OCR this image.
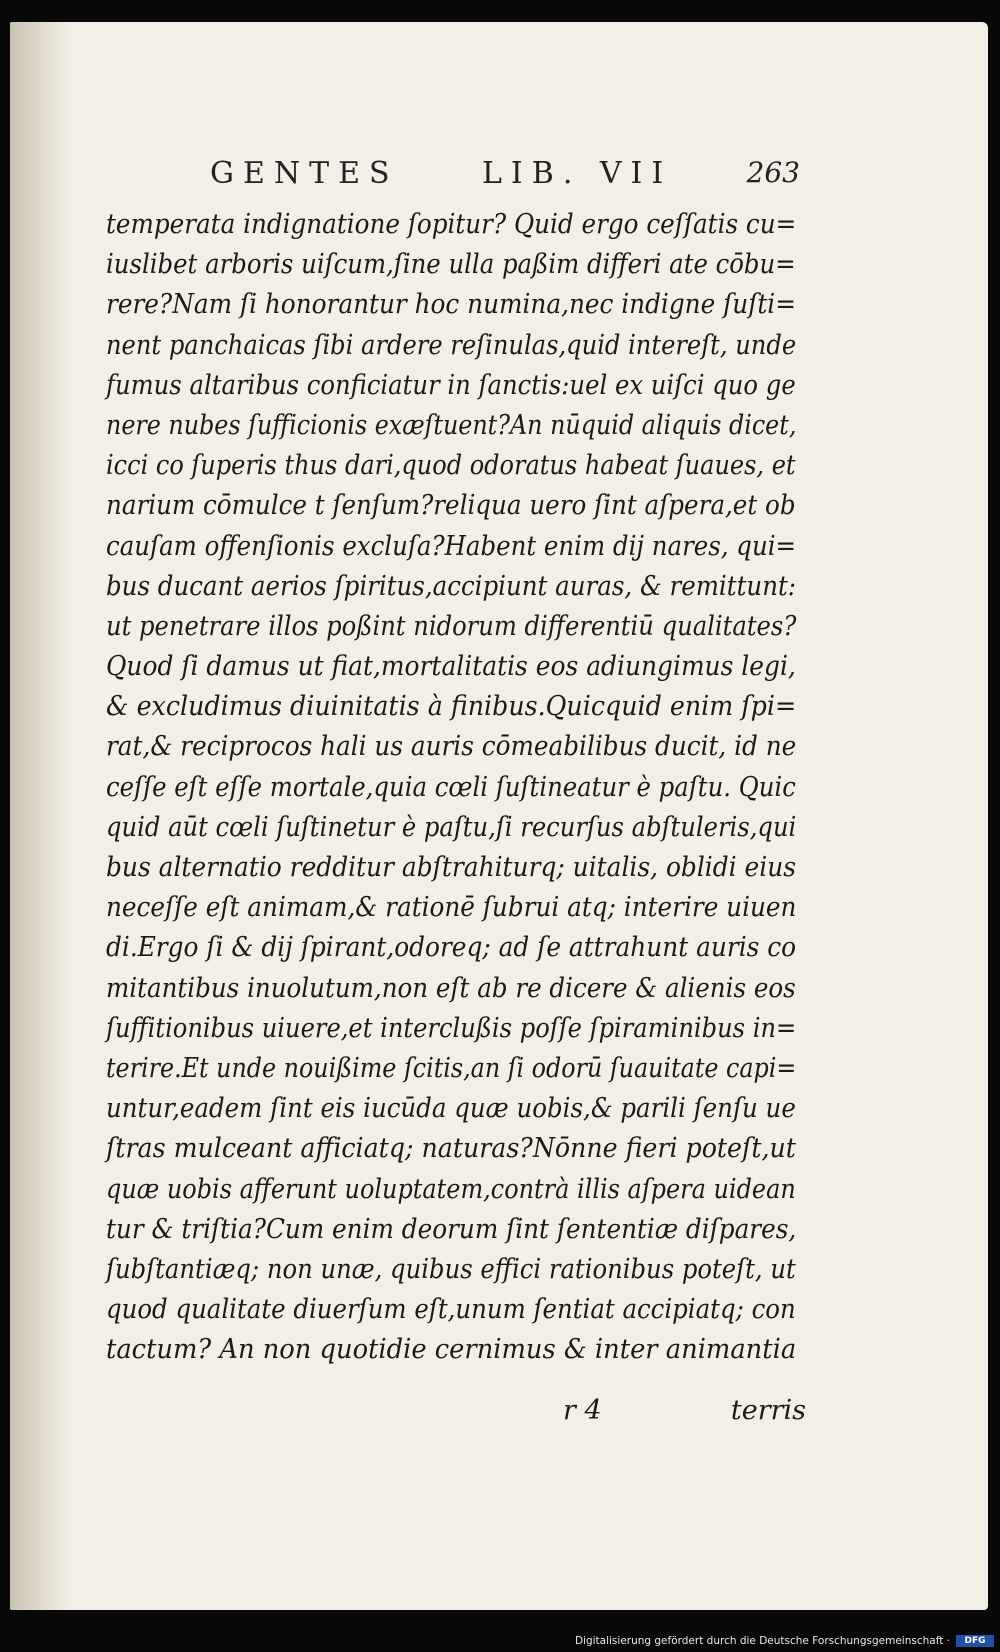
GENTES	LIB. VII	263
temperata indignatione ſopitur? Quid ergo ceſſatis cu=
iuslibet arboris uiſcum,ſine ulla paßim differi ate cōbu=
rere?Nam ſi honorantur hoc numina,nec indigne ſuſti=
nent panchaicas ſibi ardere reſinulas,quid intereſt, unde
fumus altaribus conficiatur in ſanctis:uel ex uiſci quo ge
nere nubes ſufficionis exæſtuent?An nūquid aliquis dicet,
icci co ſuperis thus dari,quod odoratus habeat ſuaues, et
narium cōmulce t ſenſum?reliqua uero ſint aſpera,et ob
cauſam offenſionis excluſa?Habent enim dij nares, qui=
bus ducant aerios ſpiritus,accipiunt auras, & remittunt:
ut penetrare illos poßint nidorum differentiū qualitates?
Quod ſi damus ut fiat,mortalitatis eos adiungimus legi,
& excludimus diuinitatis à finibus.Quicquid enim ſpi=
rat,& reciprocos hali us auris cōmeabilibus ducit, id ne
ceſſe eſt eſſe mortale,quia cœli ſuſtineatur è paſtu. Quic
quid aūt cœli ſuſtinetur è paſtu,ſi recurſus abſtuleris,qui
bus alternatio redditur abſtrahiturq; uitalis, oblidi eius
neceſſe eſt animam,& rationē ſubrui atq; interire uiuen
di.Ergo ſi & dij ſpirant,odoreq; ad ſe attrahunt auris co
mitantibus inuolutum,non eſt ab re dicere & alienis eos
ſuffitionibus uiuere,et interclußis poſſe ſpiraminibus in=
terire.Et unde nouißime ſcitis,an ſi odorū ſuauitate capi=
untur,eadem ſint eis iucūda quæ uobis,& parili ſenſu ue
ſtras mulceant afficiatq; naturas?Nōnne fieri poteſt,ut
quæ uobis afferunt uoluptatem,contrà illis aſpera uidean
tur & triſtia?Cum enim deorum ſint ſententiæ diſpares,
ſubſtantiæq; non unæ, quibus effici rationibus poteſt, ut
quod qualitate diuerſum eſt,unum ſentiat accipiatq; con
tactum? An non quotidie cernimus & inter animantia
r 4	terris
Digitalisierung gefördert durch die Deutsche Forschungsgemeinschaft ·	DFG
